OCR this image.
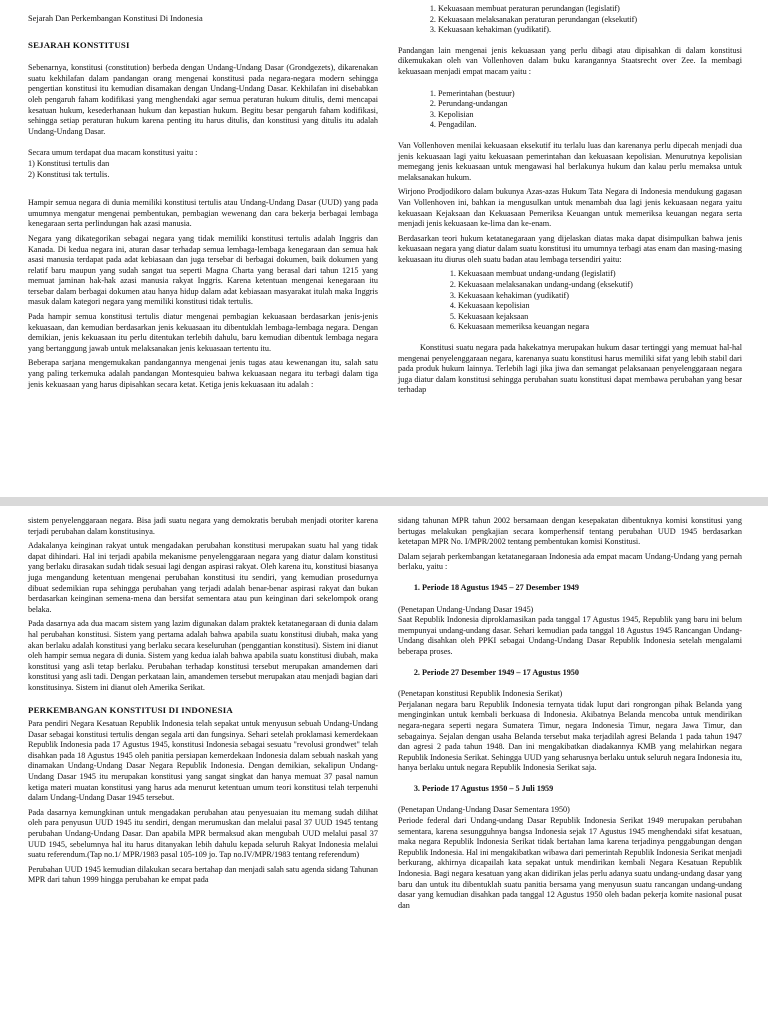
Sejarah Dan Perkembangan Konstitusi Di Indonesia

SEJARAH KONSTITUSI

Sebenarnya, konstitusi (constitution) berbeda dengan Undang-Undang Dasar (Grondgezets), dikarenakan suatu kekhilafan dalam pandangan orang mengenai konstitusi pada negara-negara modern sehingga pengertian konstitusi itu kemudian disamakan dengan Undang-Undang Dasar. Kekhilafan ini disebabkan oleh pengaruh faham kodifikasi yang menghendaki agar semua peraturan hukum ditulis, demi mencapai kesatuan hukum, kesederhanaan hukum dan kepastian hukum. Begitu besar pengaruh faham kodifikasi, sehingga setiap peraturan hukum karena penting itu harus ditulis, dan konstitusi yang ditulis itu adalah Undang-Undang Dasar.

Secara umum terdapat dua macam konstitusi yaitu :

1) Konstitusi tertulis dan

2) Konstitusi tak tertulis.

Hampir semua negara di dunia memiliki konstitusi tertulis atau Undang-Undang Dasar (UUD) yang pada umumnya mengatur mengenai pembentukan, pembagian wewenang dan cara bekerja berbagai lembaga kenegaraan serta perlindungan hak azasi manusia.

Negara yang dikategorikan sebagai negara yang tidak memiliki konstitusi tertulis adalah Inggris dan Kanada. Di kedua negara ini, aturan dasar terhadap semua lembaga-lembaga kenegaraan dan semua hak asasi manusia terdapat pada adat kebiasaan dan juga tersebar di berbagai dokumen, baik dokumen yang relatif baru maupun yang sudah sangat tua seperti Magna Charta yang berasal dari tahun 1215 yang memuat jaminan hak-hak azasi manusia rakyat Inggris. Karena ketentuan mengenai kenegaraan itu tersebar dalam berbagai dokumen atau hanya hidup dalam adat kebiasaan masyarakat itulah maka Inggris masuk dalam kategori negara yang memiliki konstitusi tidak tertulis.

Pada hampir semua konstitusi tertulis diatur mengenai pembagian kekuasaan berdasarkan jenis-jenis kekuasaan, dan kemudian berdasarkan jenis kekuasaan itu dibentuklah lembaga-lembaga negara. Dengan demikian, jenis kekuasaan itu perlu ditentukan terlebih dahulu, baru kemudian dibentuk lembaga negara yang bertanggung jawab untuk melaksanakan jenis kekuasaan tertentu itu.

Beberapa sarjana mengemukakan pandangannya mengenai jenis tugas atau kewenangan itu, salah satu yang paling terkemuka adalah pandangan Montesquieu bahwa kekuasaan negara itu terbagi dalam tiga jenis kekuasaan yang harus dipisahkan secara ketat. Ketiga jenis kekuasaan itu adalah :

1. Kekuasaan membuat peraturan perundangan (legislatif)
2. Kekuasaan melaksanakan peraturan perundangan (eksekutif)
3. Kekuasaan kehakiman (yudikatif).

Pandangan lain mengenai jenis kekuasaan yang perlu dibagi atau dipisahkan di dalam konstitusi dikemukakan oleh van Vollenhoven dalam buku karangannya Staatsrecht over Zee. Ia membagi kekuasaan menjadi empat macam yaitu :

1. Pemerintahan (bestuur)
2. Perundang-undangan
3. Kepolisian
4. Pengadilan.

Van Vollenhoven menilai kekuasaan eksekutif itu terlalu luas dan karenanya perlu dipecah menjadi dua jenis kekuasaan lagi yaitu kekuasaan pemerintahan dan kekuasaan kepolisian. Menurutnya kepolisian memegang jenis kekuasaan untuk mengawasi hal berlakunya hukum dan kalau perlu memaksa untuk melaksanakan hukum.

Wirjono Prodjodikoro dalam bukunya Azas-azas Hukum Tata Negara di Indonesia mendukung gagasan Van Vollenhoven ini, bahkan ia mengusulkan untuk menambah dua lagi jenis kekuasaan negara yaitu kekuasaan Kejaksaan dan Kekuasaan Pemeriksa Keuangan untuk memeriksa keuangan negara serta menjadi jenis kekuasaan ke-lima dan ke-enam.

Berdasarkan teori hukum ketatanegaraan yang dijelaskan diatas maka dapat disimpulkan bahwa jenis kekuasaan negara yang diatur dalam suatu konstitusi itu umumnya terbagi atas enam dan masing-masing kekuasaan itu diurus oleh suatu badan atau lembaga tersendiri yaitu:

1. Kekuasaan membuat undang-undang (legislatif)
2. Kekuasaan melaksanakan undang-undang (eksekutif)
3. Kekuasaan kehakiman (yudikatif)
4. Kekuasaan kepolisian
5. Kekuasaan kejaksaan
6. Kekuasaan memeriksa keuangan negara

Konstitusi suatu negara pada hakekatnya merupakan hukum dasar tertinggi yang memuat hal-hal mengenai penyelenggaraan negara, karenanya suatu konstitusi harus memiliki sifat yang lebih stabil dari pada produk hukum lainnya. Terlebih lagi jika jiwa dan semangat pelaksanaan penyelenggaraan negara juga diatur dalam konstitusi sehingga perubahan suatu konstitusi dapat membawa perubahan yang besar terhadap

sistem penyelenggaraan negara. Bisa jadi suatu negara yang demokratis berubah menjadi otoriter karena terjadi perubahan dalam konstitusinya.

Adakalanya keinginan rakyat untuk mengadakan perubahan konstitusi merupakan suatu hal yang tidak dapat dihindari. Hal ini terjadi apabila mekanisme penyelenggaraan negara yang diatur dalam konstitusi yang berlaku dirasakan sudah tidak sesuai lagi dengan aspirasi rakyat. Oleh karena itu, konstitusi biasanya juga mengandung ketentuan mengenai perubahan konstitusi itu sendiri, yang kemudian prosedurnya dibuat sedemikian rupa sehingga perubahan yang terjadi adalah benar-benar aspirasi rakyat dan bukan berdasarkan keinginan semena-mena dan bersifat sementara atau pun keinginan dari sekelompok orang belaka.

Pada dasarnya ada dua macam sistem yang lazim digunakan dalam praktek ketatanegaraan di dunia dalam hal perubahan konstitusi. Sistem yang pertama adalah bahwa apabila suatu konstitusi diubah, maka yang akan berlaku adalah konstitusi yang berlaku secara keseluruhan (penggantian konstitusi). Sistem ini dianut oleh hampir semua negara di dunia. Sistem yang kedua ialah bahwa apabila suatu konstitusi diubah, maka konstitusi yang asli tetap berlaku. Perubahan terhadap konstitusi tersebut merupakan amandemen dari konstitusi yang asli tadi. Dengan perkataan lain, amandemen tersebut merupakan atau menjadi bagian dari konstitusinya. Sistem ini dianut oleh Amerika Serikat.

PERKEMBANGAN KONSTITUSI DI INDONESIA

Para pendiri Negara Kesatuan Republik Indonesia telah sepakat untuk menyusun sebuah Undang-Undang Dasar sebagai konstitusi tertulis dengan segala arti dan fungsinya. Sehari setelah proklamasi kemerdekaan Republik Indonesia pada 17 Agustus 1945, konstitusi Indonesia sebagai sesuatu "revolusi grondwet" telah disahkan pada 18 Agustus 1945 oleh panitia persiapan kemerdekaan Indonesia dalam sebuah naskah yang dinamakan Undang-Undang Dasar Negara Republik Indonesia. Dengan demikian, sekalipun Undang-Undang Dasar 1945 itu merupakan konstitusi yang sangat singkat dan hanya memuat 37 pasal namun ketiga materi muatan konstitusi yang harus ada menurut ketentuan umum teori konstitusi telah terpenuhi dalam Undang-Undang Dasar 1945 tersebut.

Pada dasarnya kemungkinan untuk mengadakan perubahan atau penyesuaian itu memang sudah dilihat oleh para penyusun UUD 1945 itu sendiri, dengan merumuskan dan melalui pasal 37 UUD 1945 tentang perubahan Undang-Undang Dasar. Dan apabila MPR bermaksud akan mengubah UUD melalui pasal 37 UUD 1945, sebelumnya hal itu harus ditanyakan lebih dahulu kepada seluruh Rakyat Indonesia melalui suatu referendum.(Tap no.1/ MPR/1983 pasal 105-109 jo. Tap no.IV/MPR/1983 tentang referendum)

Perubahan UUD 1945 kemudian dilakukan secara bertahap dan menjadi salah satu agenda sidang Tahunan MPR dari tahun 1999 hingga perubahan ke empat pada

sidang tahunan MPR tahun 2002 bersamaan dengan kesepakatan dibentuknya komisi konstitusi yang bertugas melakukan pengkajian secara komperhensif tentang perubahan UUD 1945 berdasarkan ketetapan MPR No. I/MPR/2002 tentang pembentukan komisi Konstitusi.

Dalam sejarah perkembangan ketatanegaraan Indonesia ada empat macam Undang-Undang yang pernah berlaku, yaitu :

1. Periode 18 Agustus 1945 – 27 Desember 1949

(Penetapan Undang-Undang Dasar 1945)

Saat Republik Indonesia diproklamasikan pada tanggal 17 Agustus 1945, Republik yang baru ini belum mempunyai undang-undang dasar. Sehari kemudian pada tanggal 18 Agustus 1945 Rancangan Undang-Undang disahkan oleh PPKI sebagai Undang-Undang Dasar Republik Indonesia setelah mengalami beberapa proses.

2. Periode 27 Desember 1949 – 17 Agustus 1950

(Penetapan konstitusi Republik Indonesia Serikat)

Perjalanan negara baru Republik Indonesia ternyata tidak luput dari rongrongan pihak Belanda yang menginginkan untuk kembali berkuasa di Indonesia. Akibatnya Belanda mencoba untuk mendirikan negara-negara seperti negara Sumatera Timur, negara Indonesia Timur, negara Jawa Timur, dan sebagainya. Sejalan dengan usaha Belanda tersebut maka terjadilah agresi Belanda 1 pada tahun 1947 dan agresi 2 pada tahun 1948. Dan ini mengakibatkan diadakannya KMB yang melahirkan negara Republik Indonesia Serikat. Sehingga UUD yang seharusnya berlaku untuk seluruh negara Indonesia itu, hanya berlaku untuk negara Republik Indonesia Serikat saja.

3. Periode 17 Agustus 1950 – 5 Juli 1959

(Penetapan Undang-Undang Dasar Sementara 1950)

Periode federal dari Undang-undang Dasar Republik Indonesia Serikat 1949 merupakan perubahan sementara, karena sesungguhnya bangsa Indonesia sejak 17 Agustus 1945 menghendaki sifat kesatuan, maka negara Republik Indonesia Serikat tidak bertahan lama karena terjadinya penggabungan dengan Republik Indonesia. Hal ini mengakibatkan wibawa dari pemerintah Republik Indonesia Serikat menjadi berkurang, akhirnya dicapailah kata sepakat untuk mendirikan kembali Negara Kesatuan Republik Indonesia. Bagi negara kesatuan yang akan didirikan jelas perlu adanya suatu undang-undang dasar yang baru dan untuk itu dibentuklah suatu panitia bersama yang menyusun suatu rancangan undang-undang dasar yang kemudian disahkan pada tanggal 12 Agustus 1950 oleh badan pekerja komite nasional pusat dan
